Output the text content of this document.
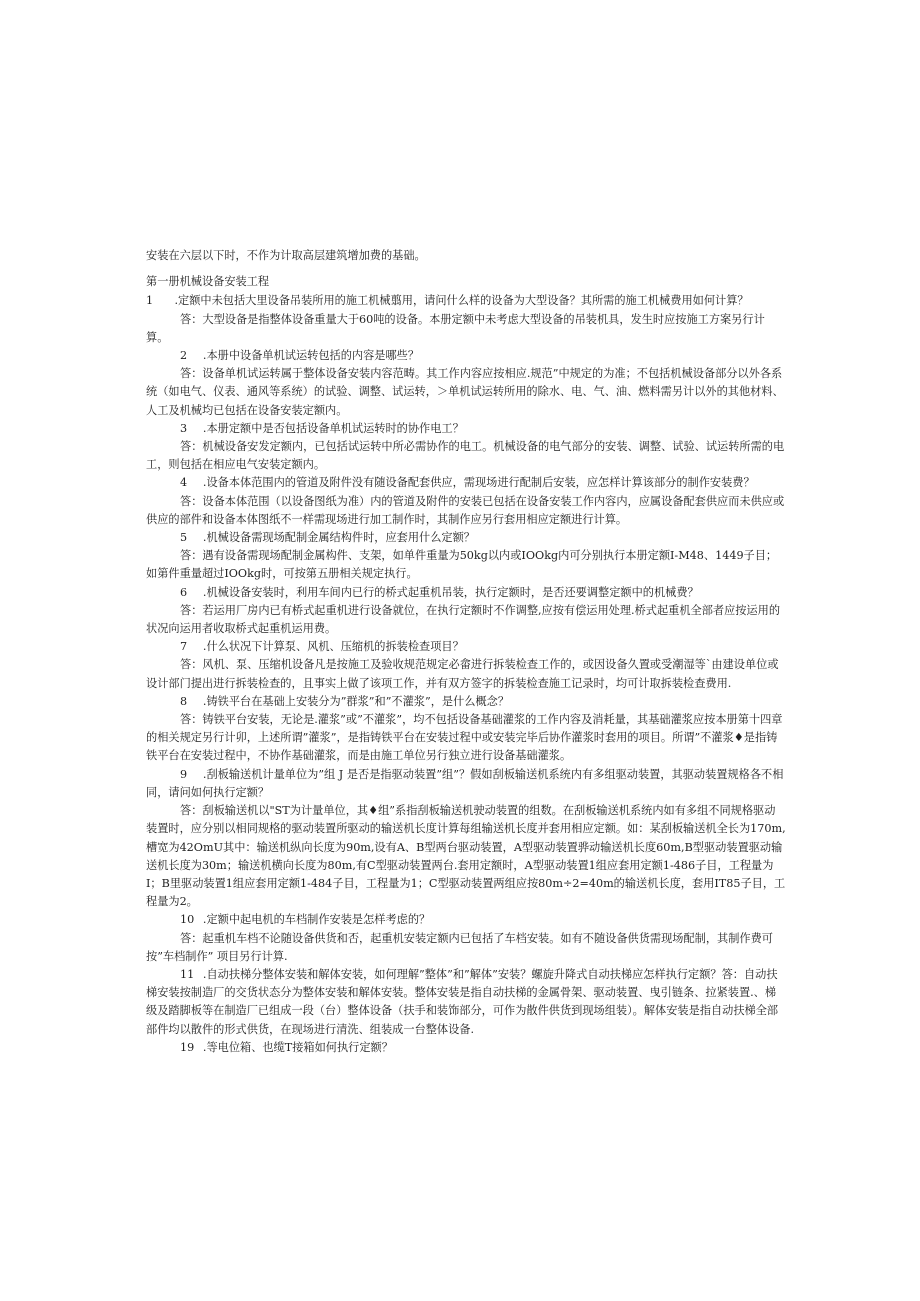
安装在六层以下时，不作为计取高层建筑增加费的基础。

第一册机械设备安装工程

1	.定额中未包括大里设备吊装所用的施工机械翦用，请问什么样的设备为大型设备？其所需的施工机械费用如何计算？

答：大型设备是指整体设备重量大于60吨的设备。本册定额中未考虑大型设备的吊装机具，发生时应按施工方案另行计算。

2	.本册中设备单机试运转包括的内容是哪些？

答：设备单机试运转属于整体设备安装内容范畴。其工作内容应按相应.规范”中规定的为准；不包括机械设备部分以外各系统（如电气、仪表、通风等系统）的试验、调整、试运转，＞单机试运转所用的除水、电、气、油、燃料需另计以外的其他材料、人工及机械均已包括在设备安装定额内。

3	.本册定额中是否包括设备单机试运转时的协作电工？

答：机械设备安发定额内，已包括试运转中所必需协作的电工。机械设备的电气部分的安装、调整、试验、试运转所需的电工，则包括在相应电气安装定额内。

4	.设备本体范围内的管道及附件没有随设备配套供应，需现场进行配制后安装，应怎样计算该部分的制作安装费？

答：设备本体范围（以设备图纸为准）内的管道及附件的安装已包括在设备安装工作内容内，应属设备配套供应而未供应或供应的部件和设备本体图纸不一样需现场进行加工制作时，其制作应另行套用相应定额进行计算。

5	.机械设备需现场配制金属结构件时，应套用什么定额？

答：遇有设备需现场配制金属构件、支架，如单件重量为50kg以内或IOOkg内可分别执行本册定额I-M48、1449子目；如第件重量超过IOOkg时，可按第五册相关规定执行。

6	.机械设备安装时，利用车间内已行的桥式起重机吊装，执行定额时，是否还要调整定额中的机械费？

答：若运用厂房内已有桥式起重机进行设备就位，在执行定额时不作调整,应按有偿运用处理.桥式起重机全部者应按运用的状况向运用者收取桥式起重机运用费。

7	.什么状况下计算泵、风机、压缩机的拆装检查项目？

答：风机、泵、压缩机设备凡是按施工及验收规范规定必畲进行拆装检查工作的，或因设备久置或受潮湿等`由建设单位或设计部门提出进行拆装检查的，且事实上做了该项工作，并有双方签字的拆装检查施工记录时，均可计取拆装检查费用.

8	.铸铁平台在基础上安装分为”群浆”和”不灌浆”，是什么概念？

答：铸铁平台安装，无论是.灌浆”或”不灌浆”，均不包括设备基础灌浆的工作内容及消耗量，其基础灌浆应按本册第十四章的相关规定另行计卯，上述所谓”灌浆”，是指铸铁平台在安装过程中或安装完毕后协作灌浆时套用的项目。所谓”不灌浆♦是指铸铁平台在安装过程中，不协作基础灌浆，而是由施工单位另行独立进行设备基础灌浆。

9	.刮板输送机计量单位为”组 J 是否是指驱动装置”组”？假如刮板输送机系统内有多组驱动装置，其驱动装置规格各不相同，请问如何执行定额？

答：刮板输送机以"ST为计量单位，其♦组”系指刮板输送机驶动装置的组数。在刮板输送机系统内如有多组不同规格驱动装置时，应分别以相同规格的驱动装置所驱动的输送机长度计算每组输送机长度并套用相应定额。如：某刮板输送机全长为170m,槽宽为42OmU其中：输送机纵向长度为90m,设有A、B型两台驱动装置，A型驱动装置骅动输送机长度60m,B型驱动装置驱动输送机长度为30m；输送机横向长度为80m,有C型驱动装置两台.套用定额时，A型驱动装置1组应套用定额1-486子目，工程量为I；B里驱动装置1组应套用定额1-484子目，工程量为1；C型驱动装置两组应按80m÷2=40m的输送机长度，套用IT85子目，工程量为2。

10	.定额中起电机的车档制作安装是怎样考虑的？

答：起重机车档不论随设备供货和否，起重机安装定额内已包括了车档安装。如有不随设备供货需现场配制，其制作费可按”车档制作” 项目另行计算.

11	.自动扶梯分整体安装和解体安装，如何理解”整体”和”解体”安装？螺旋升降式自动扶梯应怎样执行定额？答：自动扶梯安装按制造厂的交货状态分为整体安装和解体安装。整体安装是指自动扶梯的金属骨架、驱动装置、曳引链条、拉紧装置.、梯级及踏脚板等在制造厂已组成一段（台）整体设备（扶手和装饰部分，可作为散件供货到现场组装）。解体安装是指自动扶梯全部部件均以散件的形式供货，在现场进行清洗、组装成一台整体设备.

19	.等电位箱、也缆T接箱如何执行定额？
